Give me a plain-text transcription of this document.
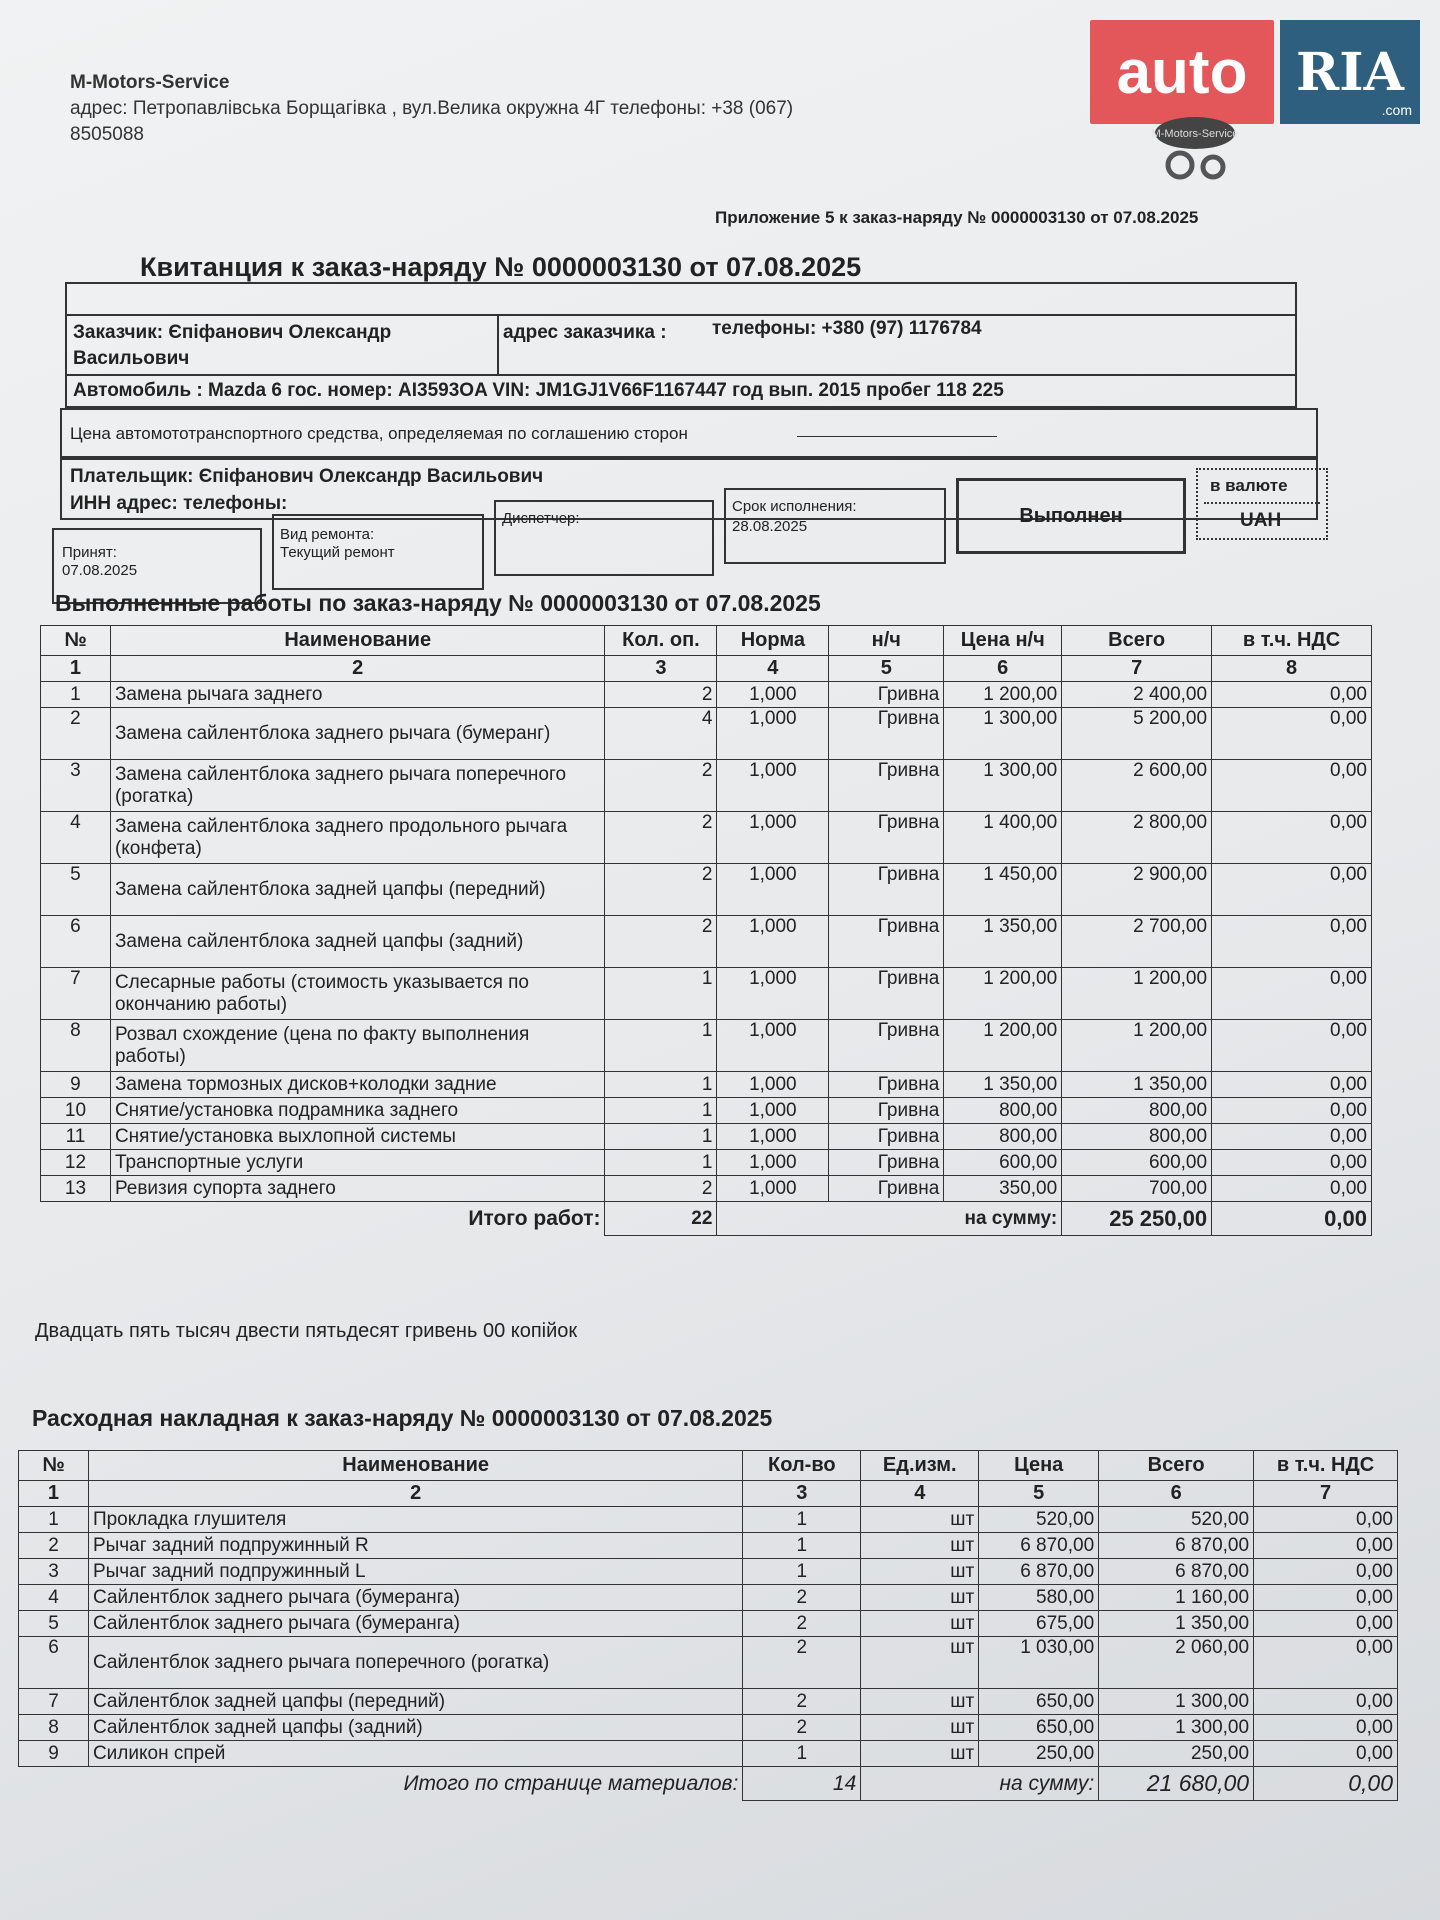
M-Motors-Service
адрес: Петропавлівська Борщагівка , вул.Велика окружна 4Г телефоны: +38 (067)
8505088
auto RIA
.com
M-Motors-Service
Приложение 5 к заказ-наряду № 0000003130 от 07.08.2025
Квитанция к заказ-наряду № 0000003130 от 07.08.2025
Заказчик: Єпіфанович Олександр
Васильович
адрес заказчика : телефоны: +380 (97) 1176784
Автомобиль : Mazda 6 гос. номер: AI3593OA VIN: JM1GJ1V66F1167447 год вып. 2015 пробег 118 225
Цена автомототранспортного средства, определяемая по соглашению сторон
Плательщик: Єпіфанович Олександр Васильович
ИНН адрес: телефоны:
Принят:
07.08.2025
Вид ремонта:
Текущий ремонт
Диспетчер:
Срок исполнения:
28.08.2025	Выполнен
в валюте
UAH
Выполненные работы по заказ-наряду № 0000003130 от 07.08.2025
№	Наименование	Кол. оп.	Норма	н/ч	Цена н/ч	Всего	в т.ч. НДС
1	2	3	4	5	6	7	8
1	Замена рычага заднего	2	1,000	Гривна	1 200,00	2 400,00	0,00
2	Замена сайлентблока заднего рычага (бумеранг)	4	1,000	Гривна	1 300,00	5 200,00	0,00
3	Замена сайлентблока заднего рычага поперечного (рогатка)	2	1,000	Гривна	1 300,00	2 600,00	0,00
4	Замена сайлентблока заднего продольного рычага (конфета)	2	1,000	Гривна	1 400,00	2 800,00	0,00
5	Замена сайлентблока задней цапфы (передний)	2	1,000	Гривна	1 450,00	2 900,00	0,00
6	Замена сайлентблока задней цапфы (задний)	2	1,000	Гривна	1 350,00	2 700,00	0,00
7	Слесарные работы (стоимость указывается по окончанию работы)	1	1,000	Гривна	1 200,00	1 200,00	0,00
8	Розвал схождение (цена по факту выполнения работы)	1	1,000	Гривна	1 200,00	1 200,00	0,00
9	Замена тормозных дисков+колодки задние	1	1,000	Гривна	1 350,00	1 350,00	0,00
10	Снятие/установка подрамника заднего	1	1,000	Гривна	800,00	800,00	0,00
11	Снятие/установка выхлопной системы	1	1,000	Гривна	800,00	800,00	0,00
12	Транспортные услуги	1	1,000	Гривна	600,00	600,00	0,00
13	Ревизия супорта заднего	2	1,000	Гривна	350,00	700,00	0,00
Итого работ:		22	на сумму:			25 250,00	0,00
Двадцать пять тысяч двести пятьдесят гривень 00 копійок
Расходная накладная к заказ-наряду № 0000003130 от 07.08.2025
№	Наименование	Кол-во	Ед.изм.	Цена	Всего	в т.ч. НДС
1	2	3	4	5	6	7
1	Прокладка глушителя	1	шт	520,00	520,00	0,00
2	Рычаг задний подпружинный R	1	шт	6 870,00	6 870,00	0,00
3	Рычаг задний подпружинный L	1	шт	6 870,00	6 870,00	0,00
4	Сайлентблок заднего рычага (бумеранга)	2	шт	580,00	1 160,00	0,00
5	Сайлентблок заднего рычага (бумеранга)	2	шт	675,00	1 350,00	0,00
6	Сайлентблок заднего рычага поперечного (рогатка)	2	шт	1 030,00	2 060,00	0,00
7	Сайлентблок задней цапфы (передний)	2	шт	650,00	1 300,00	0,00
8	Сайлентблок задней цапфы (задний)	2	шт	650,00	1 300,00	0,00
9	Силикон спрей	1	шт	250,00	250,00	0,00
Итого по странице материалов:		14	на сумму:		21 680,00	0,00
